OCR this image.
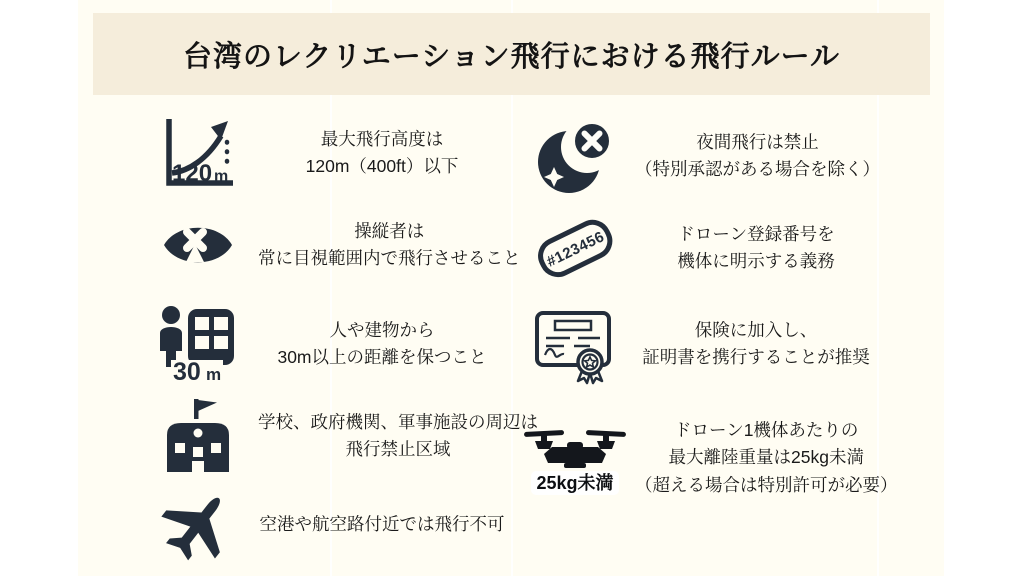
台湾のレクリエーション飛行における飛行ルール
120 m
最大飛行高度は
120m（400ft）以下
操縦者は
常に目視範囲内で飛行させること
30 m
人や建物から
30m以上の距離を保つこと
学校、政府機関、軍事施設の周辺は
飛行禁止区域
空港や航空路付近では飛行不可
夜間飛行は禁止
（特別承認がある場合を除く）
#123456	ドローン登録番号を
機体に明示する義務
保険に加入し、
証明書を携行することが推奨
25kg未満
ドローン1機体あたりの
最大離陸重量は25kg未満
（超える場合は特別許可が必要）
